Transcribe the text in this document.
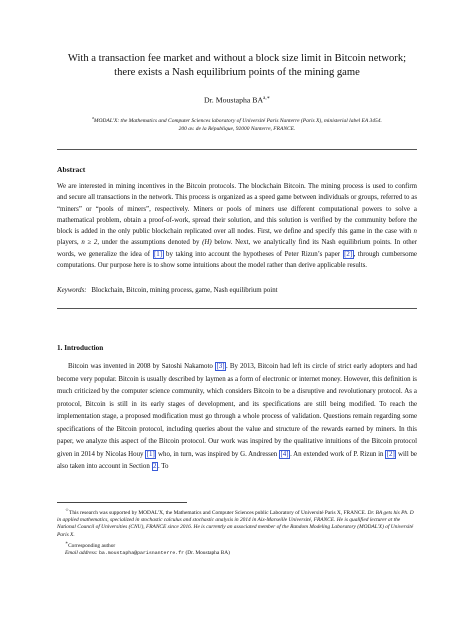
With a transaction fee market and without a block size limit in Bitcoin network;
there exists a Nash equilibrium points of the mining game
Dr. Moustapha $BA^{a,∗}$
$^a$MODAL'X: the Mathematics and Computer Sciences laboratory of Université Paris Nanterre (Paris X), ministerial label EA 3454.
200 av. de la République, 92000 Nanterre, FRANCE.
Abstract
We are interested in mining incentives in the Bitcoin protocols. The blockchain Bitcoin. The mining process is used to confirm and secure all transactions in the network. This process is organized as a speed game between individuals or groups, referred to as “miners” or “pools of miners”, respectively. Miners or pools of miners use different computational powers to solve a mathematical problem, obtain a proof-of-work, spread their solution, and this solution is verified by the community before the block is added in the only public blockchain replicated over all nodes. First, we define and specify this game in the case with n players, n ≥ 2, under the assumptions denoted by (H) below. Next, we analytically find its Nash equilibrium points. In other words, we generalize the idea of [1] by taking into account the hypotheses of Peter Rizun’s paper [2] , through cumbersome computations. Our purpose here is to show some intuitions about the model rather than derive applicable results.
Keywords: Blockchain, Bitcoin, mining process, game, Nash equilibrium point
1. Introduction
Bitcoin was invented in 2008 by Satoshi Nakamoto [3] . By 2013, Bitcoin had left its circle of strict early adopters and had become very popular. Bitcoin is usually described by laymen as a form of electronic or internet money. However, this definition is much criticized by the computer science community, which considers Bitcoin to be a disruptive and revolutionary protocol. As a protocol, Bitcoin is still in its early stages of development, and its specifications are still being modified. To reach the implementation stage, a proposed modification must go through a whole process of validation. Questions remain regarding some specifications of the Bitcoin protocol, including queries about the value and structure of the rewards earned by miners. In this paper, we analyze this aspect of the Bitcoin protocol. Our work was inspired by the qualitative intuitions of the Bitcoin protocol given in 2014 by Nicolas Houy [1] who, in turn, was inspired by G. Andressen [4] . An extended work of P. Rizun in [2] will be also taken into account in Section 2 . To
☆This research was supported by MODAL'X, the Mathematics and Computer Sciences public Laboratory of Université Paris X, FRANCE. Dr. BA gets his Ph. D in applied mathematics, specialized in stochastic calculus and stochastic analysis in 2014 in Aix-Marseille Université, FRANCE. He is qualified lecturer at the National Council of Universities (CNU), FRANCE since 2016. He is currently an associated member of the Random Modeling Laboratory (MODAL'X) of Université Paris X.
∗Corresponding author
Email address: ba.moustapha@parisnanterre.fr (Dr. Moustapha BA)
